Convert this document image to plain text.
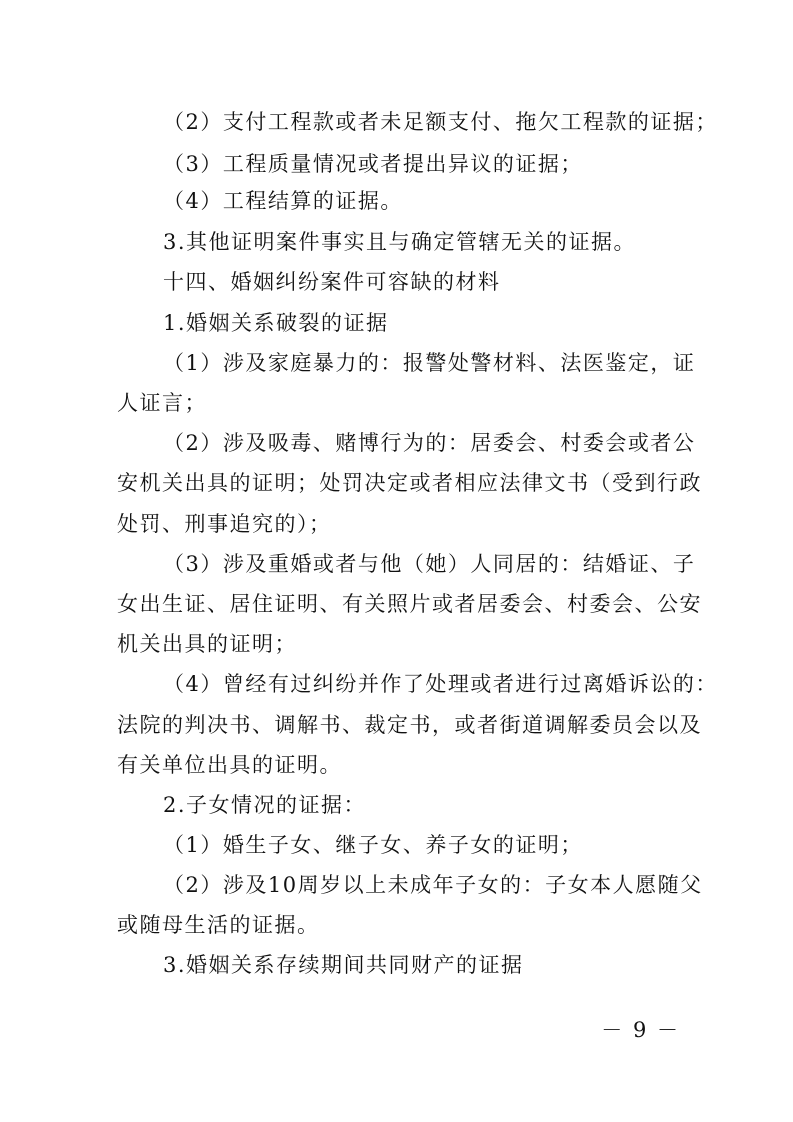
（2）支付工程款或者未足额支付、拖欠工程款的证据；
（3）工程质量情况或者提出异议的证据；
（4）工程结算的证据。
3.其他证明案件事实且与确定管辖无关的证据。
十四、婚姻纠纷案件可容缺的材料
1.婚姻关系破裂的证据
（1）涉及家庭暴力的：报警处警材料、法医鉴定，证
人证言；
（2）涉及吸毒、赌博行为的：居委会、村委会或者公
安机关出具的证明；处罚决定或者相应法律文书（受到行政
处罚、刑事追究的）；
（3）涉及重婚或者与他（她）人同居的：结婚证、子
女出生证、居住证明、有关照片或者居委会、村委会、公安
机关出具的证明；
（4）曾经有过纠纷并作了处理或者进行过离婚诉讼的：
法院的判决书、调解书、裁定书，或者街道调解委员会以及
有关单位出具的证明。
2.子女情况的证据：
（1）婚生子女、继子女、养子女的证明；
（2）涉及10周岁以上未成年子女的：子女本人愿随父
或随母生活的证据。
3.婚姻关系存续期间共同财产的证据
－ 9 －
